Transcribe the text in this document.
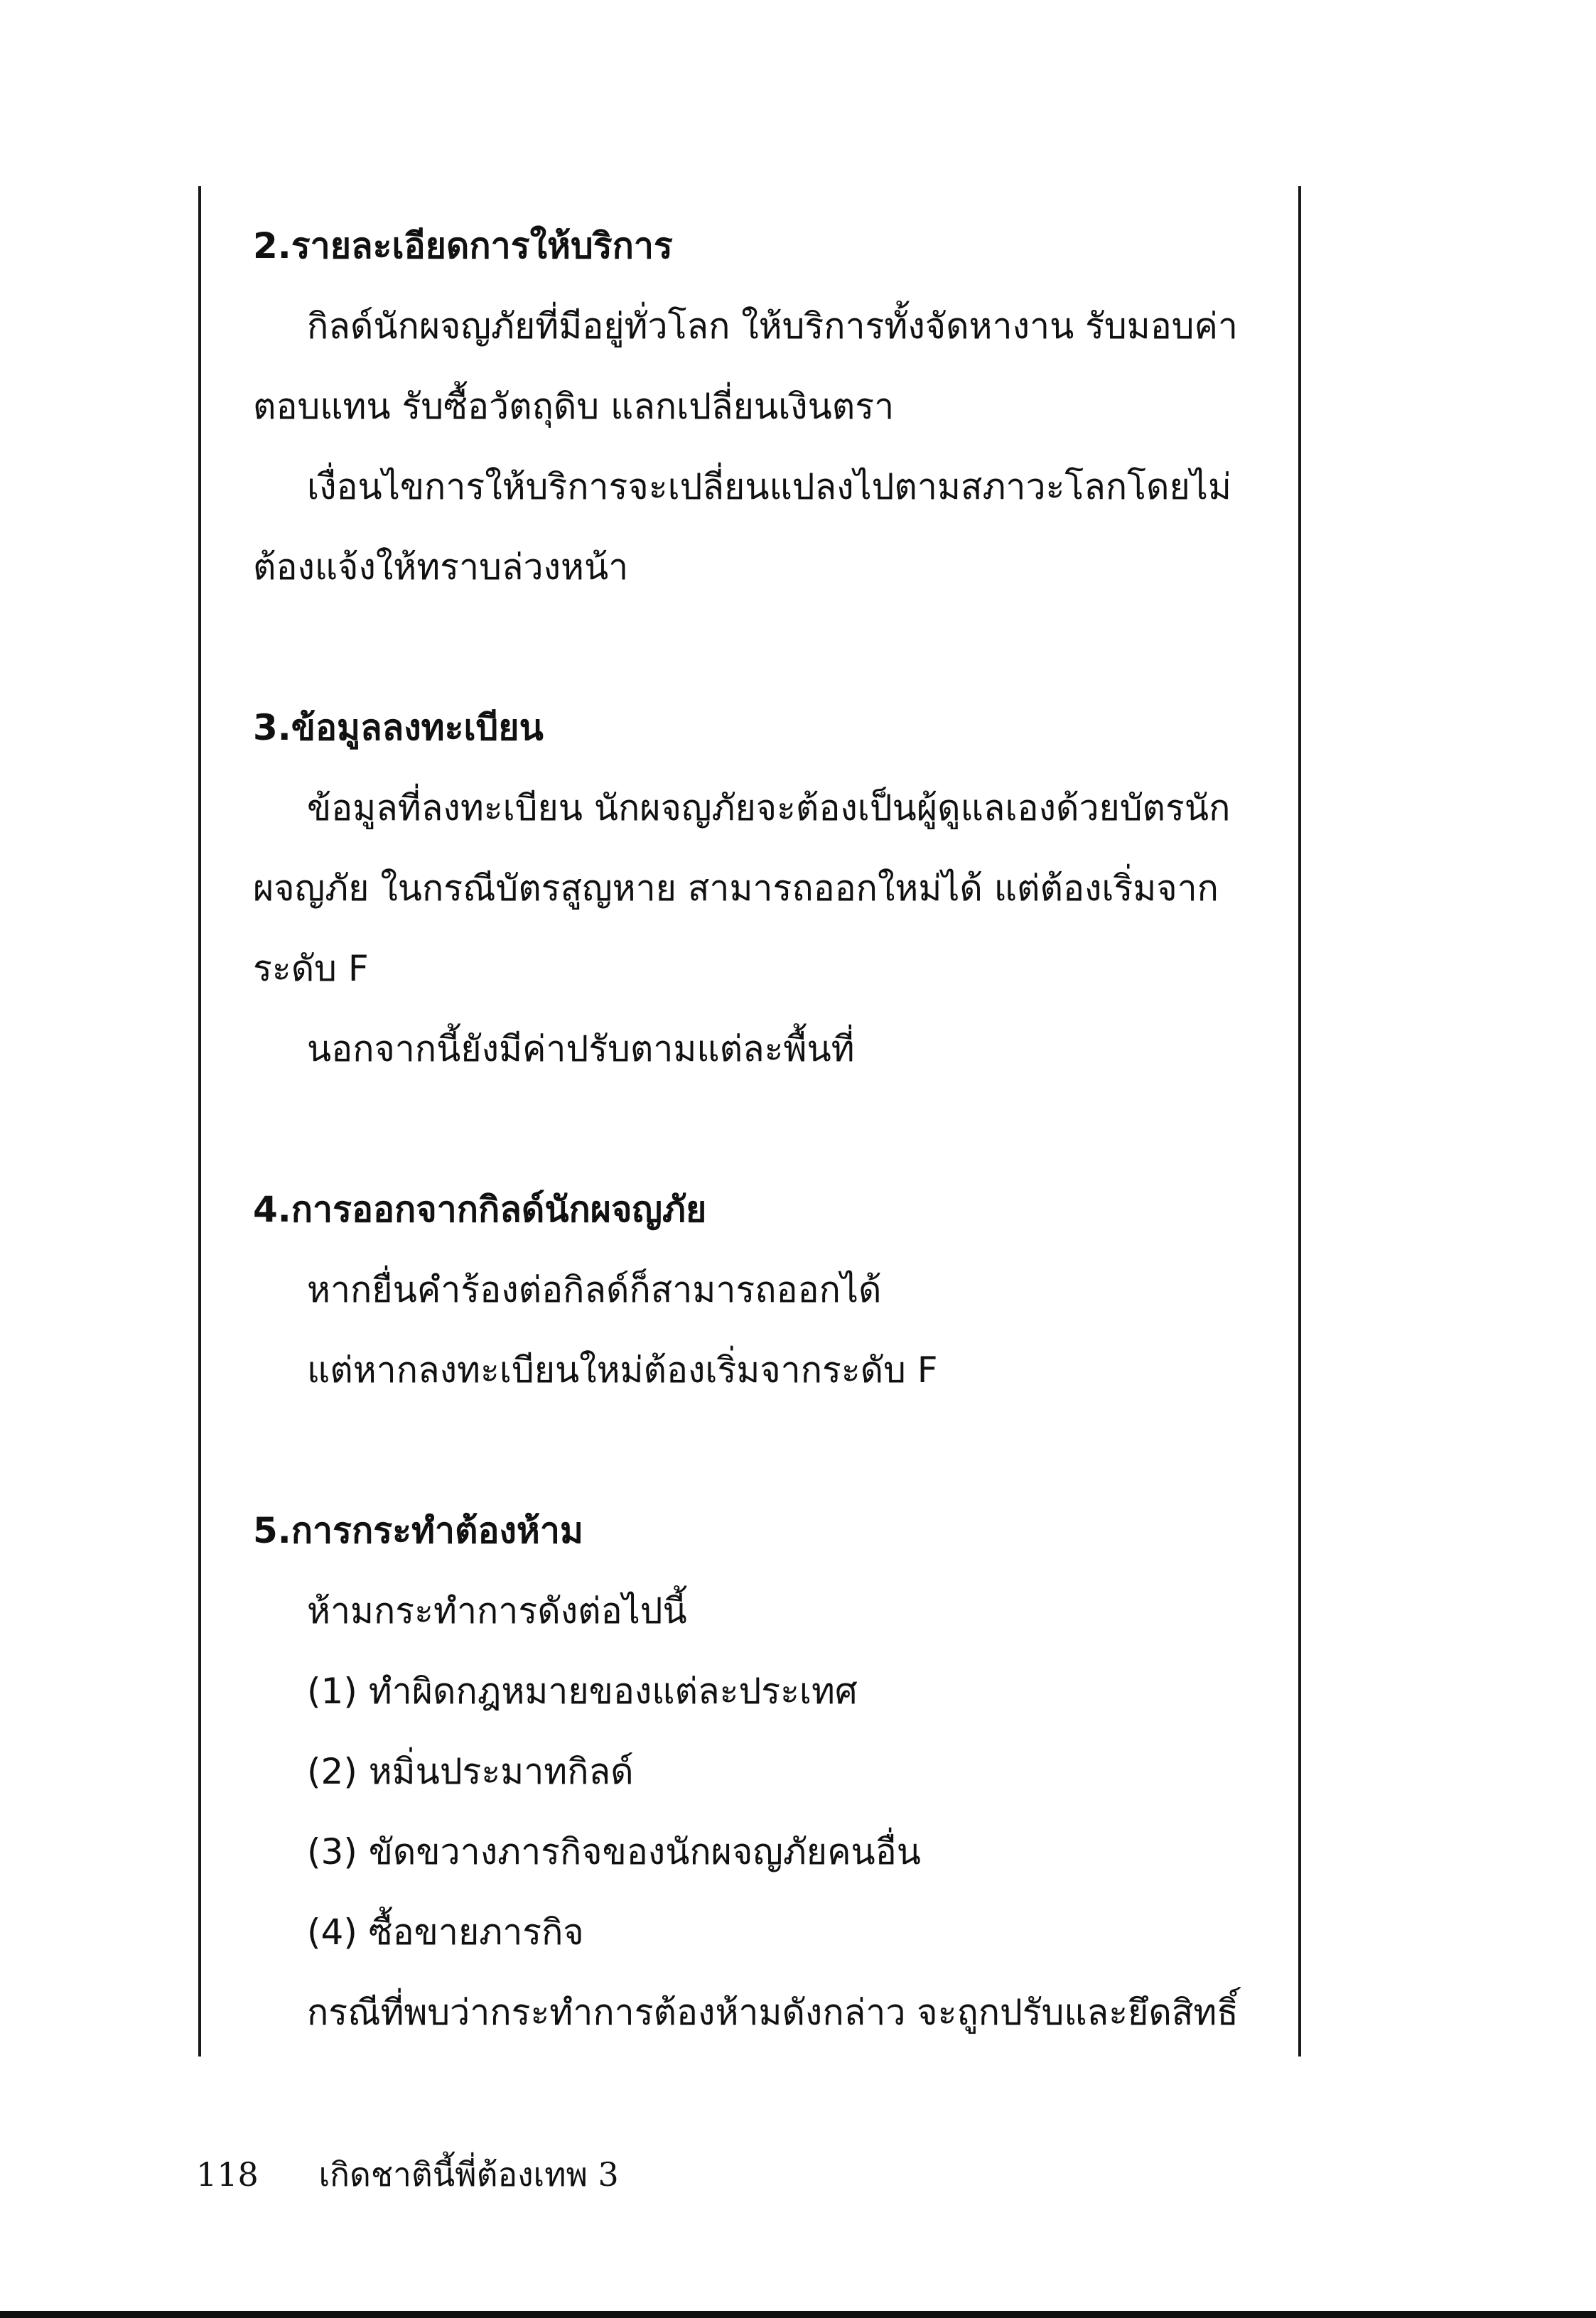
2.รายละเอียดการให้บริการ

กิลด์นักผจญภัยที่มีอยู่ทั่วโลก ให้บริการทั้งจัดหางาน รับมอบค่าตอบแทน รับซื้อวัตถุดิบ แลกเปลี่ยนเงินตรา

เงื่อนไขการให้บริการจะเปลี่ยนแปลงไปตามสภาวะโลกโดยไม่ต้องแจ้งให้ทราบล่วงหน้า

3.ข้อมูลลงทะเบียน

ข้อมูลที่ลงทะเบียน นักผจญภัยจะต้องเป็นผู้ดูแลเองด้วยบัตรนักผจญภัย ในกรณีบัตรสูญหาย สามารถออกใหม่ได้ แต่ต้องเริ่มจากระดับ F

นอกจากนี้ยังมีค่าปรับตามแต่ละพื้นที่

4.การออกจากกิลด์นักผจญภัย

หากยื่นคำร้องต่อกิลด์ก็สามารถออกได้

แต่หากลงทะเบียนใหม่ต้องเริ่มจากระดับ F

5.การกระทำต้องห้าม

ห้ามกระทำการดังต่อไปนี้

(1) ทำผิดกฎหมายของแต่ละประเทศ

(2) หมิ่นประมาทกิลด์

(3) ขัดขวางภารกิจของนักผจญภัยคนอื่น

(4) ซื้อขายภารกิจ

กรณีที่พบว่ากระทำการต้องห้ามดังกล่าว จะถูกปรับและยึดสิทธิ์

118 เกิดชาตินี้พี่ต้องเทพ 3
